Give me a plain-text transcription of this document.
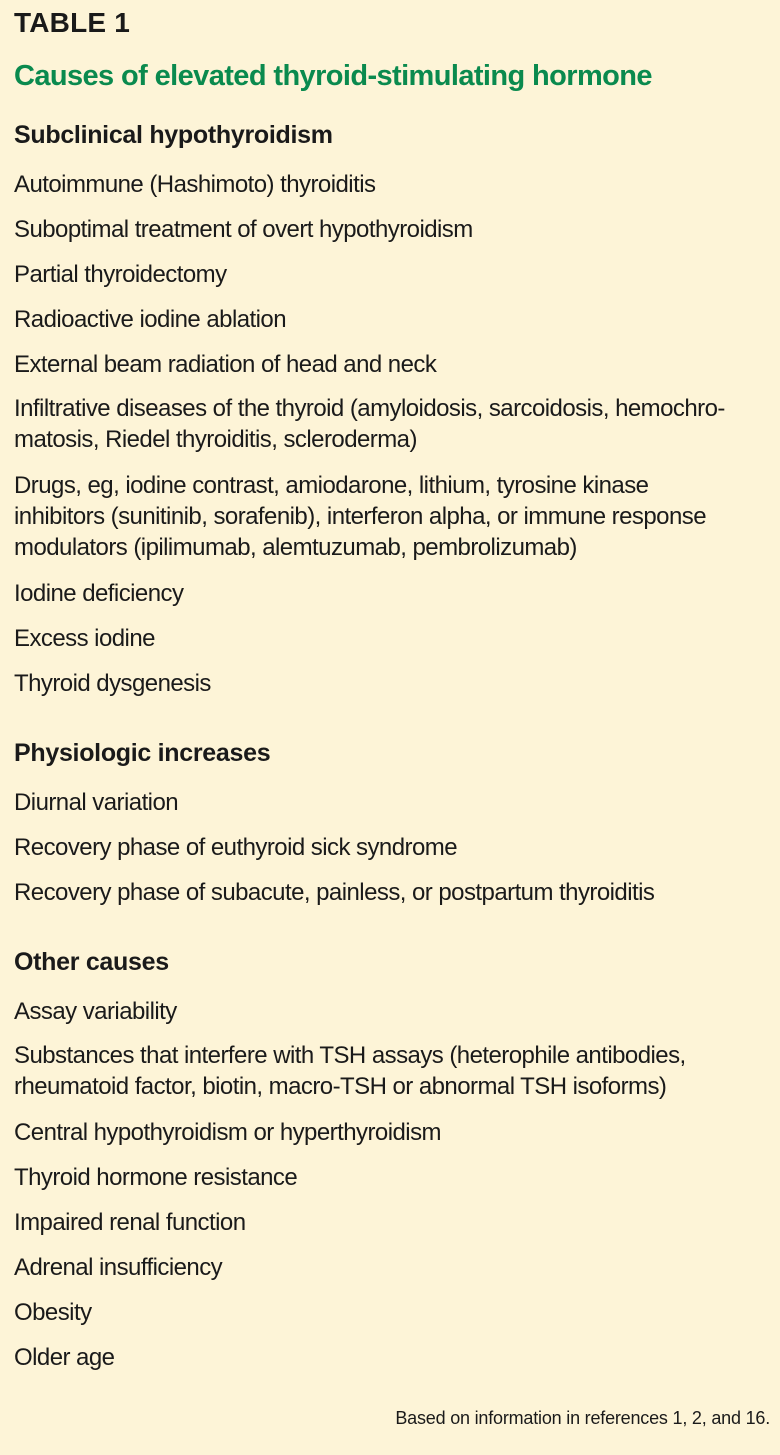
TABLE 1
Causes of elevated thyroid-stimulating hormone
Subclinical hypothyroidism
Autoimmune (Hashimoto) thyroiditis
Suboptimal treatment of overt hypothyroidism
Partial thyroidectomy
Radioactive iodine ablation
External beam radiation of head and neck
Infiltrative diseases of the thyroid (amyloidosis, sarcoidosis, hemochro-
matosis, Riedel thyroiditis, scleroderma)
Drugs, eg, iodine contrast, amiodarone, lithium, tyrosine kinase
inhibitors (sunitinib, sorafenib), interferon alpha, or immune response
modulators (ipilimumab, alemtuzumab, pembrolizumab)
Iodine deficiency
Excess iodine
Thyroid dysgenesis
Physiologic increases
Diurnal variation
Recovery phase of euthyroid sick syndrome
Recovery phase of subacute, painless, or postpartum thyroiditis
Other causes
Assay variability
Substances that interfere with TSH assays (heterophile antibodies,
rheumatoid factor, biotin, macro-TSH or abnormal TSH isoforms)
Central hypothyroidism or hyperthyroidism
Thyroid hormone resistance
Impaired renal function
Adrenal insufficiency
Obesity
Older age
Based on information in references 1, 2, and 16.
